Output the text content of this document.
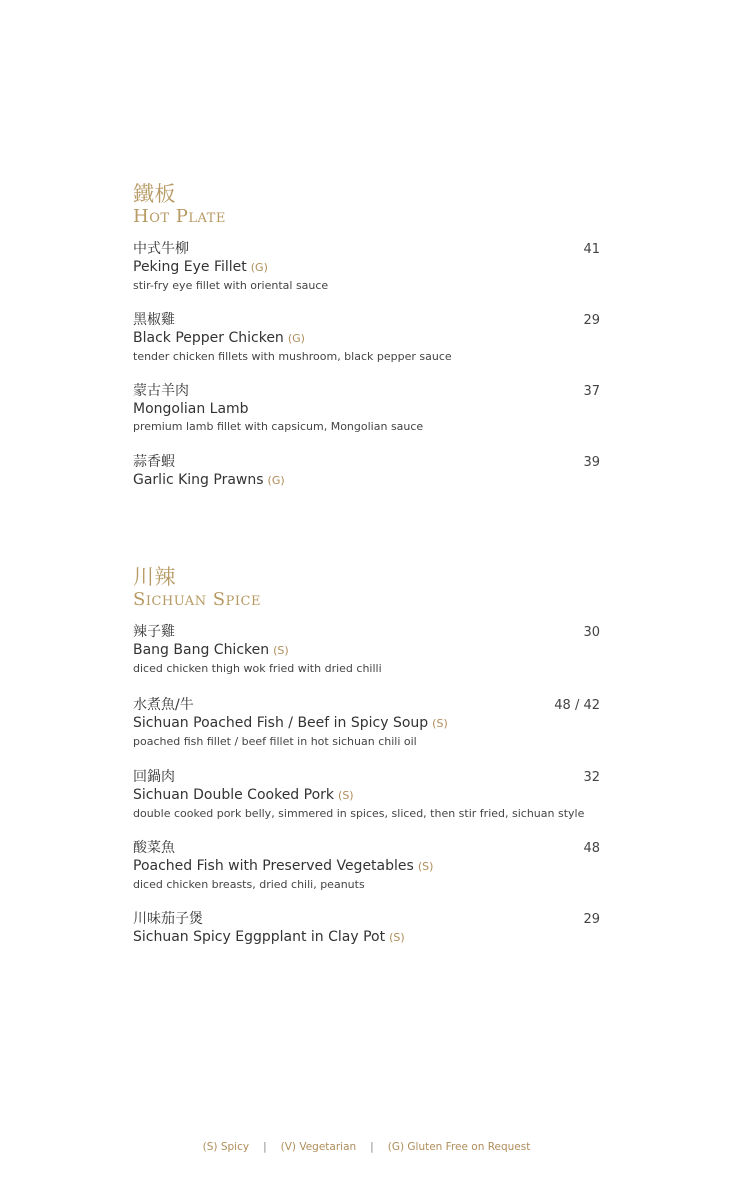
鐵板
Hot Plate
中式牛柳
Peking Eye Fillet (G)
stir-fry eye fillet with oriental sauce
41
黑椒雞
Black Pepper Chicken (G)
tender chicken fillets with mushroom, black pepper sauce
29
蒙古羊肉
Mongolian Lamb
premium lamb fillet with capsicum, Mongolian sauce
37
蒜香蝦
Garlic King Prawns (G)
39
川辣
Sichuan Spice
辣子雞
Bang Bang Chicken (S)
diced chicken thigh wok fried with dried chilli
30
水煮魚/牛
Sichuan Poached Fish / Beef in Spicy Soup (S)
poached fish fillet / beef fillet in hot sichuan chili oil
48 / 42
回鍋肉
Sichuan Double Cooked Pork (S)
double cooked pork belly, simmered in spices, sliced, then stir fried, sichuan style
32
酸菜魚
Poached Fish with Preserved Vegetables (S)
diced chicken breasts, dried chili, peanuts
48
川味茄子煲
Sichuan Spicy Eggpplant in Clay Pot (S)
29
(S) Spicy | (V) Vegetarian | (G) Gluten Free on Request
